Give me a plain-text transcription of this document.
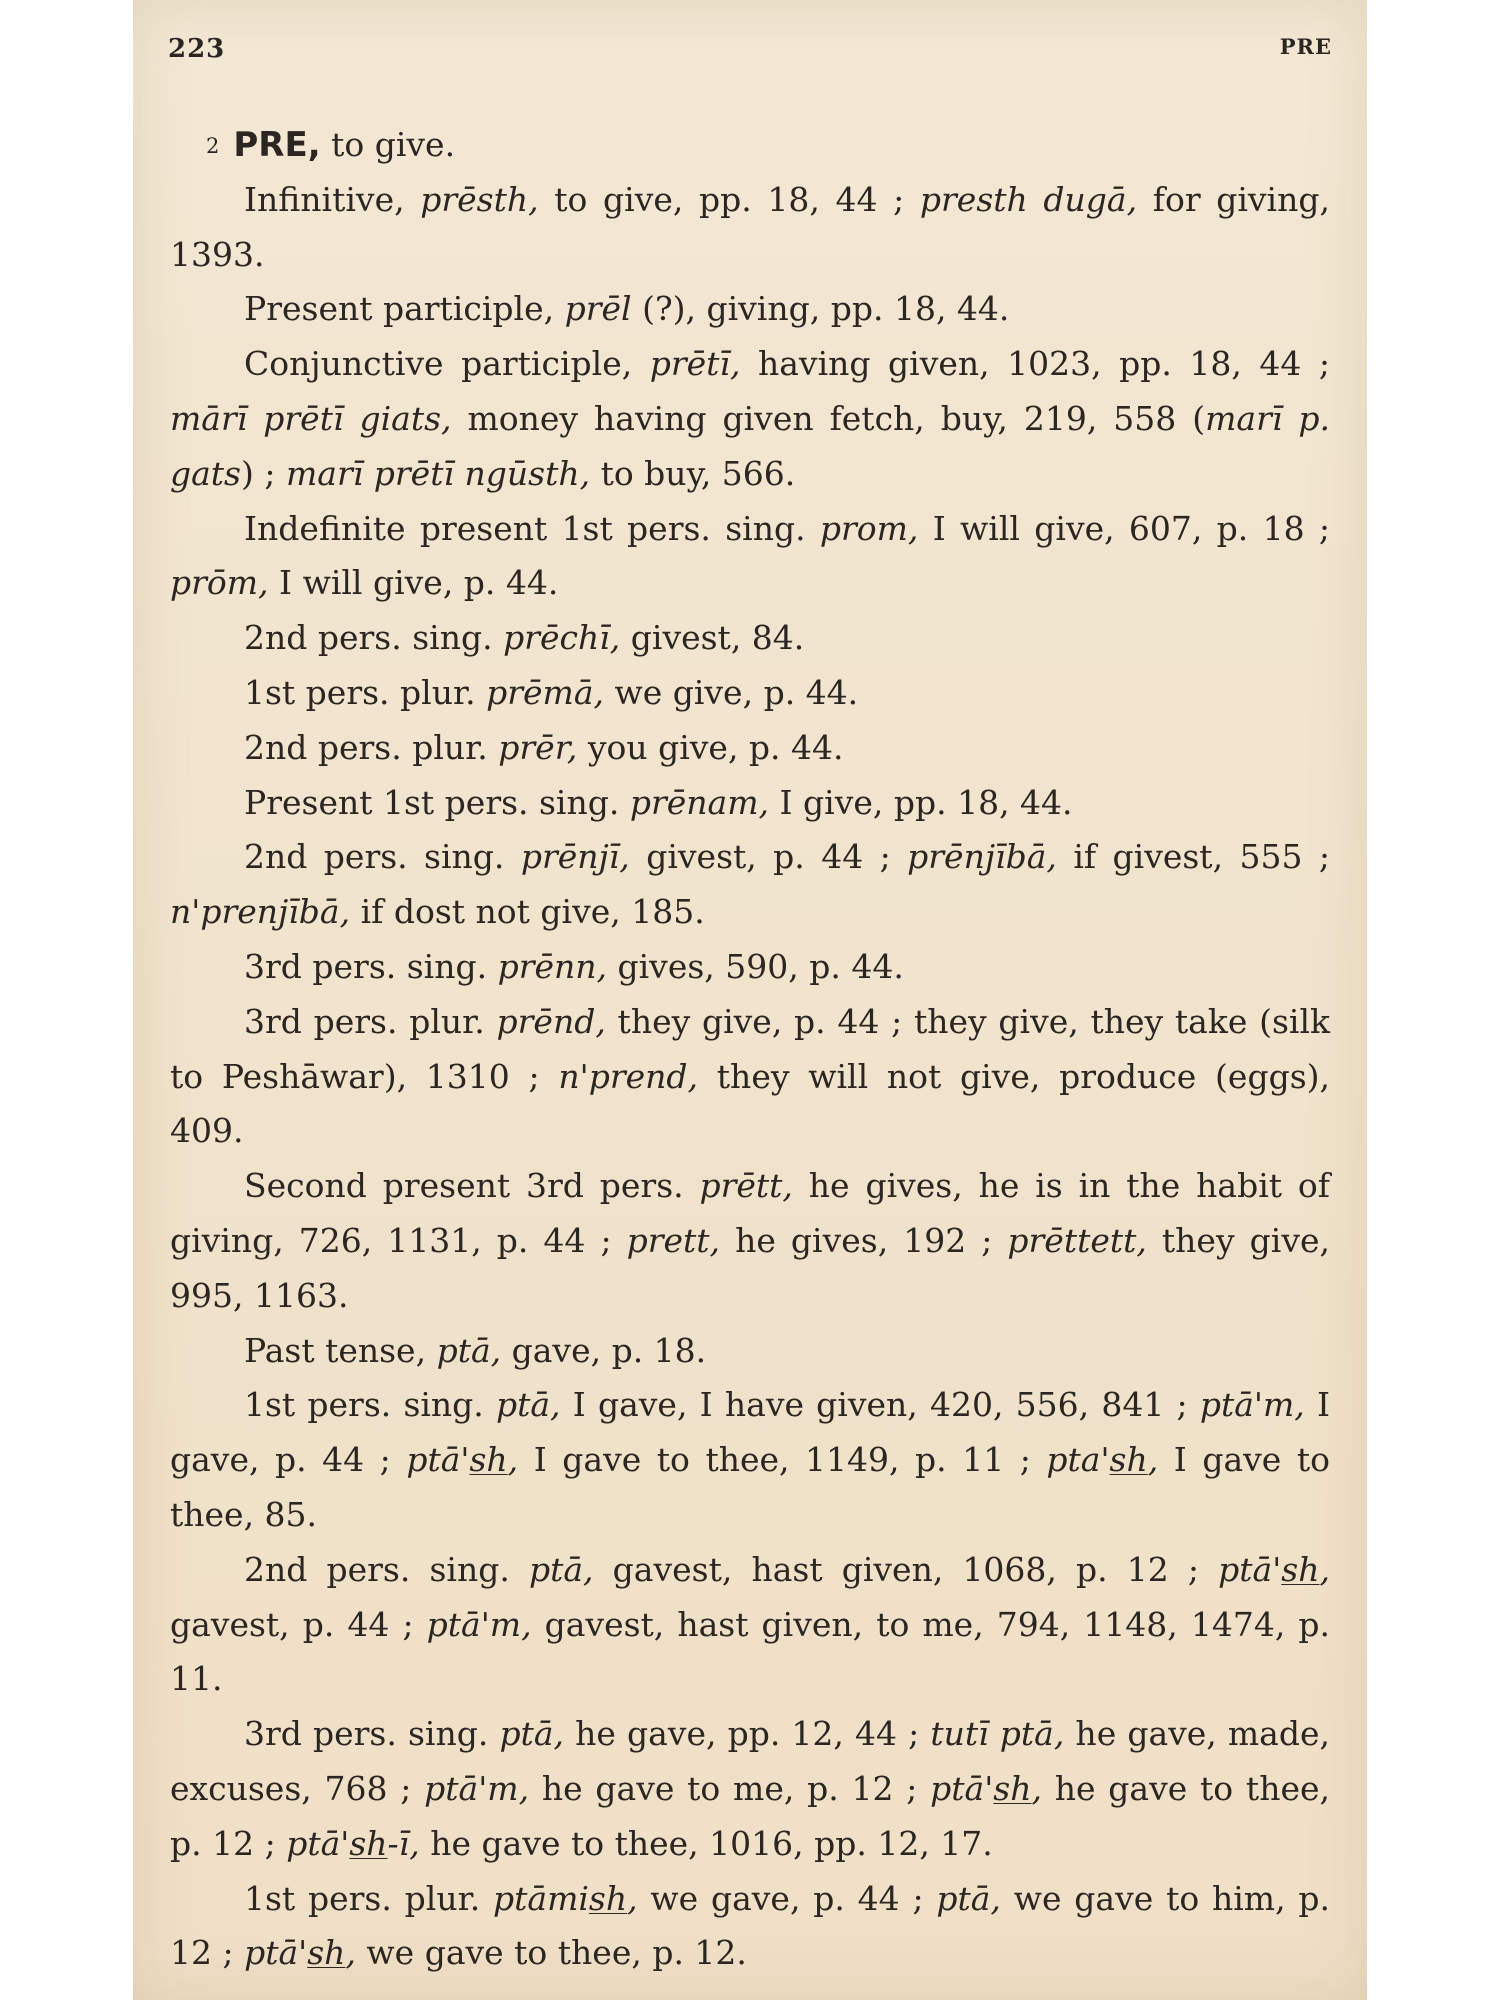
223	PRE

2 PRE, to give.

Infinitive, prēsth, to give, pp. 18, 44 ; presth dugā, for giving, 1393.

Present participle, prēl (?), giving, pp. 18, 44.

Conjunctive participle, prētī, having given, 1023, pp. 18, 44 ; mārī prētī giats, money having given fetch, buy, 219, 558 (marī p. gats) ; marī prētī ngūsth, to buy, 566.

Indefinite present 1st pers. sing. prom, I will give, 607, p. 18 ; prōm, I will give, p. 44.

2nd pers. sing. prēchī, givest, 84.

1st pers. plur. prēmā, we give, p. 44.

2nd pers. plur. prēr, you give, p. 44.

Present 1st pers. sing. prēnam, I give, pp. 18, 44.

2nd pers. sing. prēnjī, givest, p. 44 ; prēnjībā, if givest, 555 ; n'prenjībā, if dost not give, 185.

3rd pers. sing. prēnn, gives, 590, p. 44.

3rd pers. plur. prēnd, they give, p. 44 ; they give, they take (silk to Peshāwar), 1310 ; n'prend, they will not give, produce (eggs), 409.

Second present 3rd pers. prētt, he gives, he is in the habit of giving, 726, 1131, p. 44 ; prett, he gives, 192 ; prēttett, they give, 995, 1163.

Past tense, ptā, gave, p. 18.

1st pers. sing. ptā, I gave, I have given, 420, 556, 841 ; ptā'm, I gave, p. 44 ; ptā'sh, I gave to thee, 1149, p. 11 ; pta'sh, I gave to thee, 85.

2nd pers. sing. ptā, gavest, hast given, 1068, p. 12 ; ptā'sh, gavest, p. 44 ; ptā'm, gavest, hast given, to me, 794, 1148, 1474, p. 11.

3rd pers. sing. ptā, he gave, pp. 12, 44 ; tutī ptā, he gave, made, excuses, 768 ; ptā'm, he gave to me, p. 12 ; ptā'sh, he gave to thee, p. 12 ; ptā'sh-ī, he gave to thee, 1016, pp. 12, 17.

1st pers. plur. ptāmish, we gave, p. 44 ; ptā, we gave to him, p. 12 ; ptā'sh, we gave to thee, p. 12.
